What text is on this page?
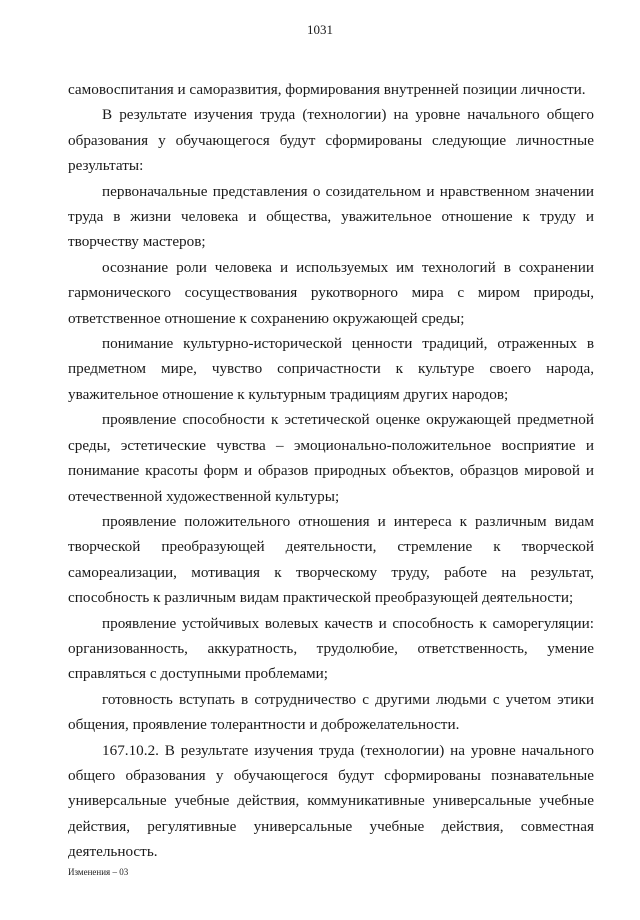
1031

самовоспитания и саморазвития, формирования внутренней позиции личности.

В результате изучения труда (технологии) на уровне начального общего образования у обучающегося будут сформированы следующие личностные результаты:

первоначальные представления о созидательном и нравственном значении труда в жизни человека и общества, уважительное отношение к труду и творчеству мастеров;

осознание роли человека и используемых им технологий в сохранении гармонического сосуществования рукотворного мира с миром природы, ответственное отношение к сохранению окружающей среды;

понимание культурно-исторической ценности традиций, отраженных в предметном мире, чувство сопричастности к культуре своего народа, уважительное отношение к культурным традициям других народов;

проявление способности к эстетической оценке окружающей предметной среды, эстетические чувства – эмоционально-положительное восприятие и понимание красоты форм и образов природных объектов, образцов мировой и отечественной художественной культуры;

проявление положительного отношения и интереса к различным видам творческой преобразующей деятельности, стремление к творческой самореализации, мотивация к творческому труду, работе на результат, способность к различным видам практической преобразующей деятельности;

проявление устойчивых волевых качеств и способность к саморегуляции: организованность, аккуратность, трудолюбие, ответственность, умение справляться с доступными проблемами;

готовность вступать в сотрудничество с другими людьми с учетом этики общения, проявление толерантности и доброжелательности.

167.10.2. В результате изучения труда (технологии) на уровне начального общего образования у обучающегося будут сформированы познавательные универсальные учебные действия, коммуникативные универсальные учебные действия, регулятивные универсальные учебные действия, совместная деятельность.

Изменения – 03
